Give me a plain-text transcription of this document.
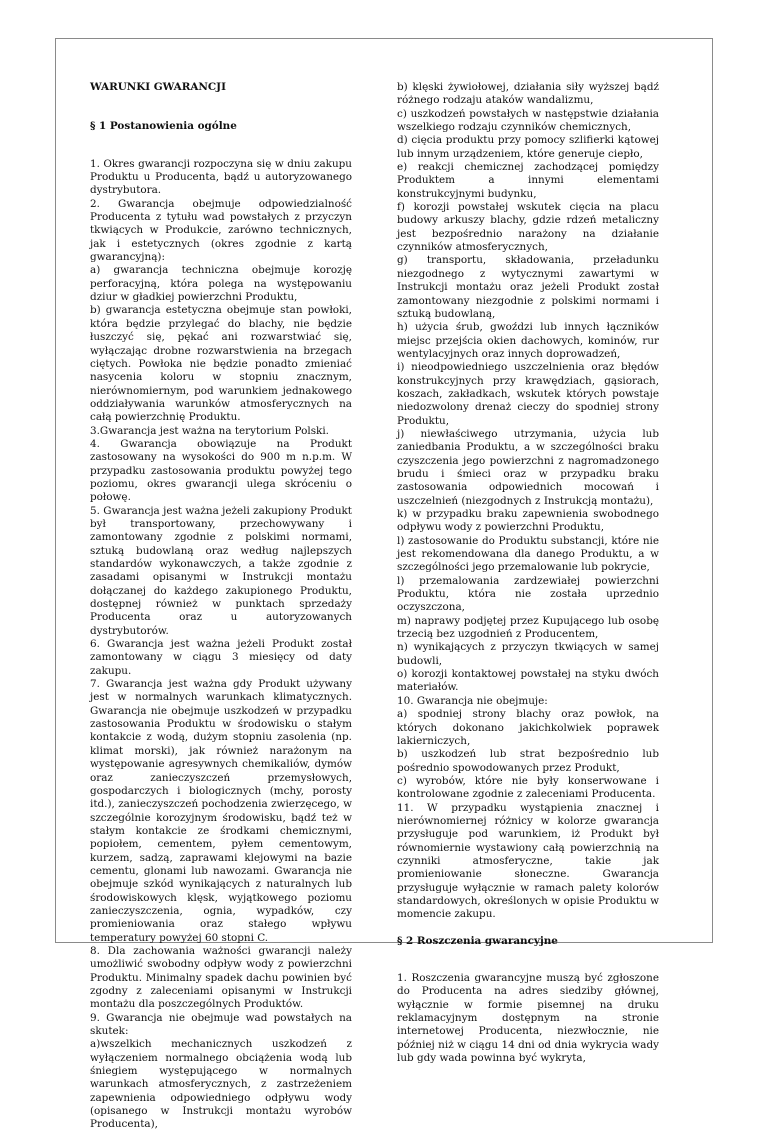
WARUNKI GWARANCJI

§ 1 Postanowienia ogólne

1. Okres gwarancji rozpoczyna się w dniu zakupu Produktu u Producenta, bądź u autoryzowanego dystrybutora.

2. Gwarancja obejmuje odpowiedzialność Producenta z tytułu wad powstałych z przyczyn tkwiących w Produkcie, zarówno technicznych, jak i estetycznych (okres zgodnie z kartą gwarancyjną):

a) gwarancja techniczna obejmuje korozję perforacyjną, która polega na występowaniu dziur w gładkiej powierzchni Produktu,

b) gwarancja estetyczna obejmuje stan powłoki, która będzie przylegać do blachy, nie będzie łuszczyć się, pękać ani rozwarstwiać się, wyłączając drobne rozwarstwienia na brzegach ciętych. Powłoka nie będzie ponadto zmieniać nasycenia koloru w stopniu znacznym, nierównomiernym, pod warunkiem jednakowego oddziaływania warunków atmosferycznych na całą powierzchnię Produktu.

3.Gwarancja jest ważna na terytorium Polski.

4. Gwarancja obowiązuje na Produkt zastosowany na wysokości do 900 m n.p.m. W przypadku zastosowania produktu powyżej tego poziomu, okres gwarancji ulega skróceniu o połowę.

5. Gwarancja jest ważna jeżeli zakupiony Produkt był transportowany, przechowywany i zamontowany zgodnie z polskimi normami, sztuką budowlaną oraz według najlepszych standardów wykonawczych, a także zgodnie z zasadami opisanymi w Instrukcji montażu dołączanej do każdego zakupionego Produktu, dostępnej również w punktach sprzedaży Producenta oraz u autoryzowanych dystrybutorów.

6. Gwarancja jest ważna jeżeli Produkt został zamontowany w ciągu 3 miesięcy od daty zakupu.

7. Gwarancja jest ważna gdy Produkt używany jest w normalnych warunkach klimatycznych. Gwarancja nie obejmuje uszkodzeń w przypadku zastosowania Produktu w środowisku o stałym kontakcie z wodą, dużym stopniu zasolenia (np. klimat morski), jak również narażonym na występowanie agresywnych chemikaliów, dymów oraz zanieczyszczeń przemysłowych, gospodarczych i biologicznych (mchy, porosty itd.), zanieczyszczeń pochodzenia zwierzęcego, w szczególnie korozyjnym środowisku, bądź też w stałym kontakcie ze środkami chemicznymi, popiołem, cementem, pyłem cementowym, kurzem, sadzą, zaprawami klejowymi na bazie cementu, glonami lub nawozami. Gwarancja nie obejmuje szkód wynikających z naturalnych lub środowiskowych klęsk, wyjątkowego poziomu zanieczyszczenia, ognia, wypadków, czy promieniowania oraz stałego wpływu temperatury powyżej 60 stopni C.

8. Dla zachowania ważności gwarancji należy umożliwić swobodny odpływ wody z powierzchni Produktu. Minimalny spadek dachu powinien być zgodny z zaleceniami opisanymi w Instrukcji montażu dla poszczególnych Produktów.

9. Gwarancja nie obejmuje wad powstałych na skutek:

a)wszelkich mechanicznych uszkodzeń z wyłączeniem normalnego obciążenia wodą lub śniegiem występującego w normalnych warunkach atmosferycznych, z zastrzeżeniem zapewnienia odpowiedniego odpływu wody (opisanego w Instrukcji montażu wyrobów Producenta),

b) klęski żywiołowej, działania siły wyższej bądź różnego rodzaju ataków wandalizmu,

c) uszkodzeń powstałych w następstwie działania wszelkiego rodzaju czynników chemicznych,

d) cięcia produktu przy pomocy szlifierki kątowej lub innym urządzeniem, które generuje ciepło,

e) reakcji chemicznej zachodzącej pomiędzy Produktem a innymi elementami konstrukcyjnymi budynku,

f) korozji powstałej wskutek cięcia na placu budowy arkuszy blachy, gdzie rdzeń metaliczny jest bezpośrednio narażony na działanie czynników atmosferycznych,

g) transportu, składowania, przeładunku niezgodnego z wytycznymi zawartymi w Instrukcji montażu oraz jeżeli Produkt został zamontowany niezgodnie z polskimi normami i sztuką budowlaną,

h) użycia śrub, gwoździ lub innych łączników miejsc przejścia okien dachowych, kominów, rur wentylacyjnych oraz innych doprowadzeń,

i) nieodpowiedniego uszczelnienia oraz błędów konstrukcyjnych przy krawędziach, gąsiorach, koszach, zakładkach, wskutek których powstaje niedozwolony drenaż cieczy do spodniej strony Produktu,

j) niewłaściwego utrzymania, użycia lub zaniedbania Produktu, a w szczególności braku czyszczenia jego powierzchni z nagromadzonego brudu i śmieci oraz w przypadku braku zastosowania odpowiednich mocowań i uszczelnień (niezgodnych z Instrukcją montażu),

k) w przypadku braku zapewnienia swobodnego odpływu wody z powierzchni Produktu,

l) zastosowanie do Produktu substancji, które nie jest rekomendowana dla danego Produktu, a w szczególności jego przemalowanie lub pokrycie,

l) przemalowania zardzewiałej powierzchni Produktu, która nie została uprzednio oczyszczona,

m) naprawy podjętej przez Kupującego lub osobę trzecią bez uzgodnień z Producentem,

n) wynikających z przyczyn tkwiących w samej budowli,

o) korozji kontaktowej powstałej na styku dwóch materiałów.

10. Gwarancja nie obejmuje:

a) spodniej strony blachy oraz powłok, na których dokonano jakichkolwiek poprawek lakierniczych,

b) uszkodzeń lub strat bezpośrednio lub pośrednio spowodowanych przez Produkt,

c) wyrobów, które nie były konserwowane i kontrolowane zgodnie z zaleceniami Producenta.

11. W przypadku wystąpienia znacznej i nierównomiernej różnicy w kolorze gwarancja przysługuje pod warunkiem, iż Produkt był równomiernie wystawiony całą powierzchnią na czynniki atmosferyczne, takie jak promieniowanie słoneczne. Gwarancja przysługuje wyłącznie w ramach palety kolorów standardowych, określonych w opisie Produktu w momencie zakupu.

§ 2 Roszczenia gwarancyjne

1. Roszczenia gwarancyjne muszą być zgłoszone do Producenta na adres siedziby głównej, wyłącznie w formie pisemnej na druku reklamacyjnym dostępnym na stronie internetowej Producenta, niezwłocznie, nie później niż w ciągu 14 dni od dnia wykrycia wady lub gdy wada powinna być wykryta,
